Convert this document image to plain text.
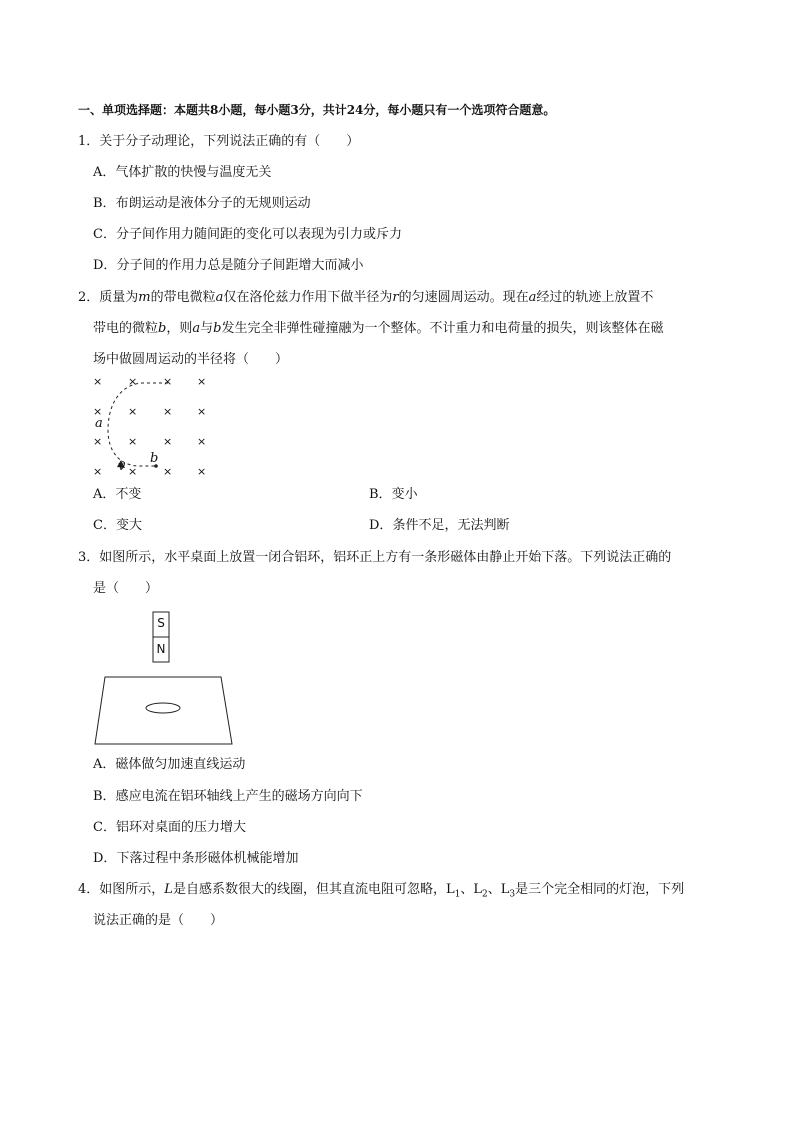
一、单项选择题：本题共8小题，每小题3分，共计24分，每小题只有一个选项符合题意。
1．关于分子动理论，下列说法正确的有（　　）
A．气体扩散的快慢与温度无关
B．布朗运动是液体分子的无规则运动
C．分子间作用力随间距的变化可以表现为引力或斥力
D．分子间的作用力总是随分子间距增大而减小
2．质量为m的带电微粒a仅在洛伦兹力作用下做半径为r的匀速圆周运动。现在a经过的轨迹上放置不
带电的微粒b，则a与b发生完全非弹性碰撞融为一个整体。不计重力和电荷量的损失，则该整体在磁
场中做圆周运动的半径将（　　）
× × × ×
× × × ×
× × × ×
× × × ×
a
b
v
A．不变	B．变小
C．变大	D．条件不足，无法判断
3．如图所示，水平桌面上放置一闭合铝环，铝环正上方有一条形磁体由静止开始下落。下列说法正确的
是（　　）
S
N
A．磁体做匀加速直线运动
B．感应电流在铝环轴线上产生的磁场方向向下
C．铝环对桌面的压力增大
D．下落过程中条形磁体机械能增加
4．如图所示，L是自感系数很大的线圈，但其直流电阻可忽略，$L_1$、$L_2$、$L_3$是三个完全相同的灯泡，下列
说法正确的是（　　）
